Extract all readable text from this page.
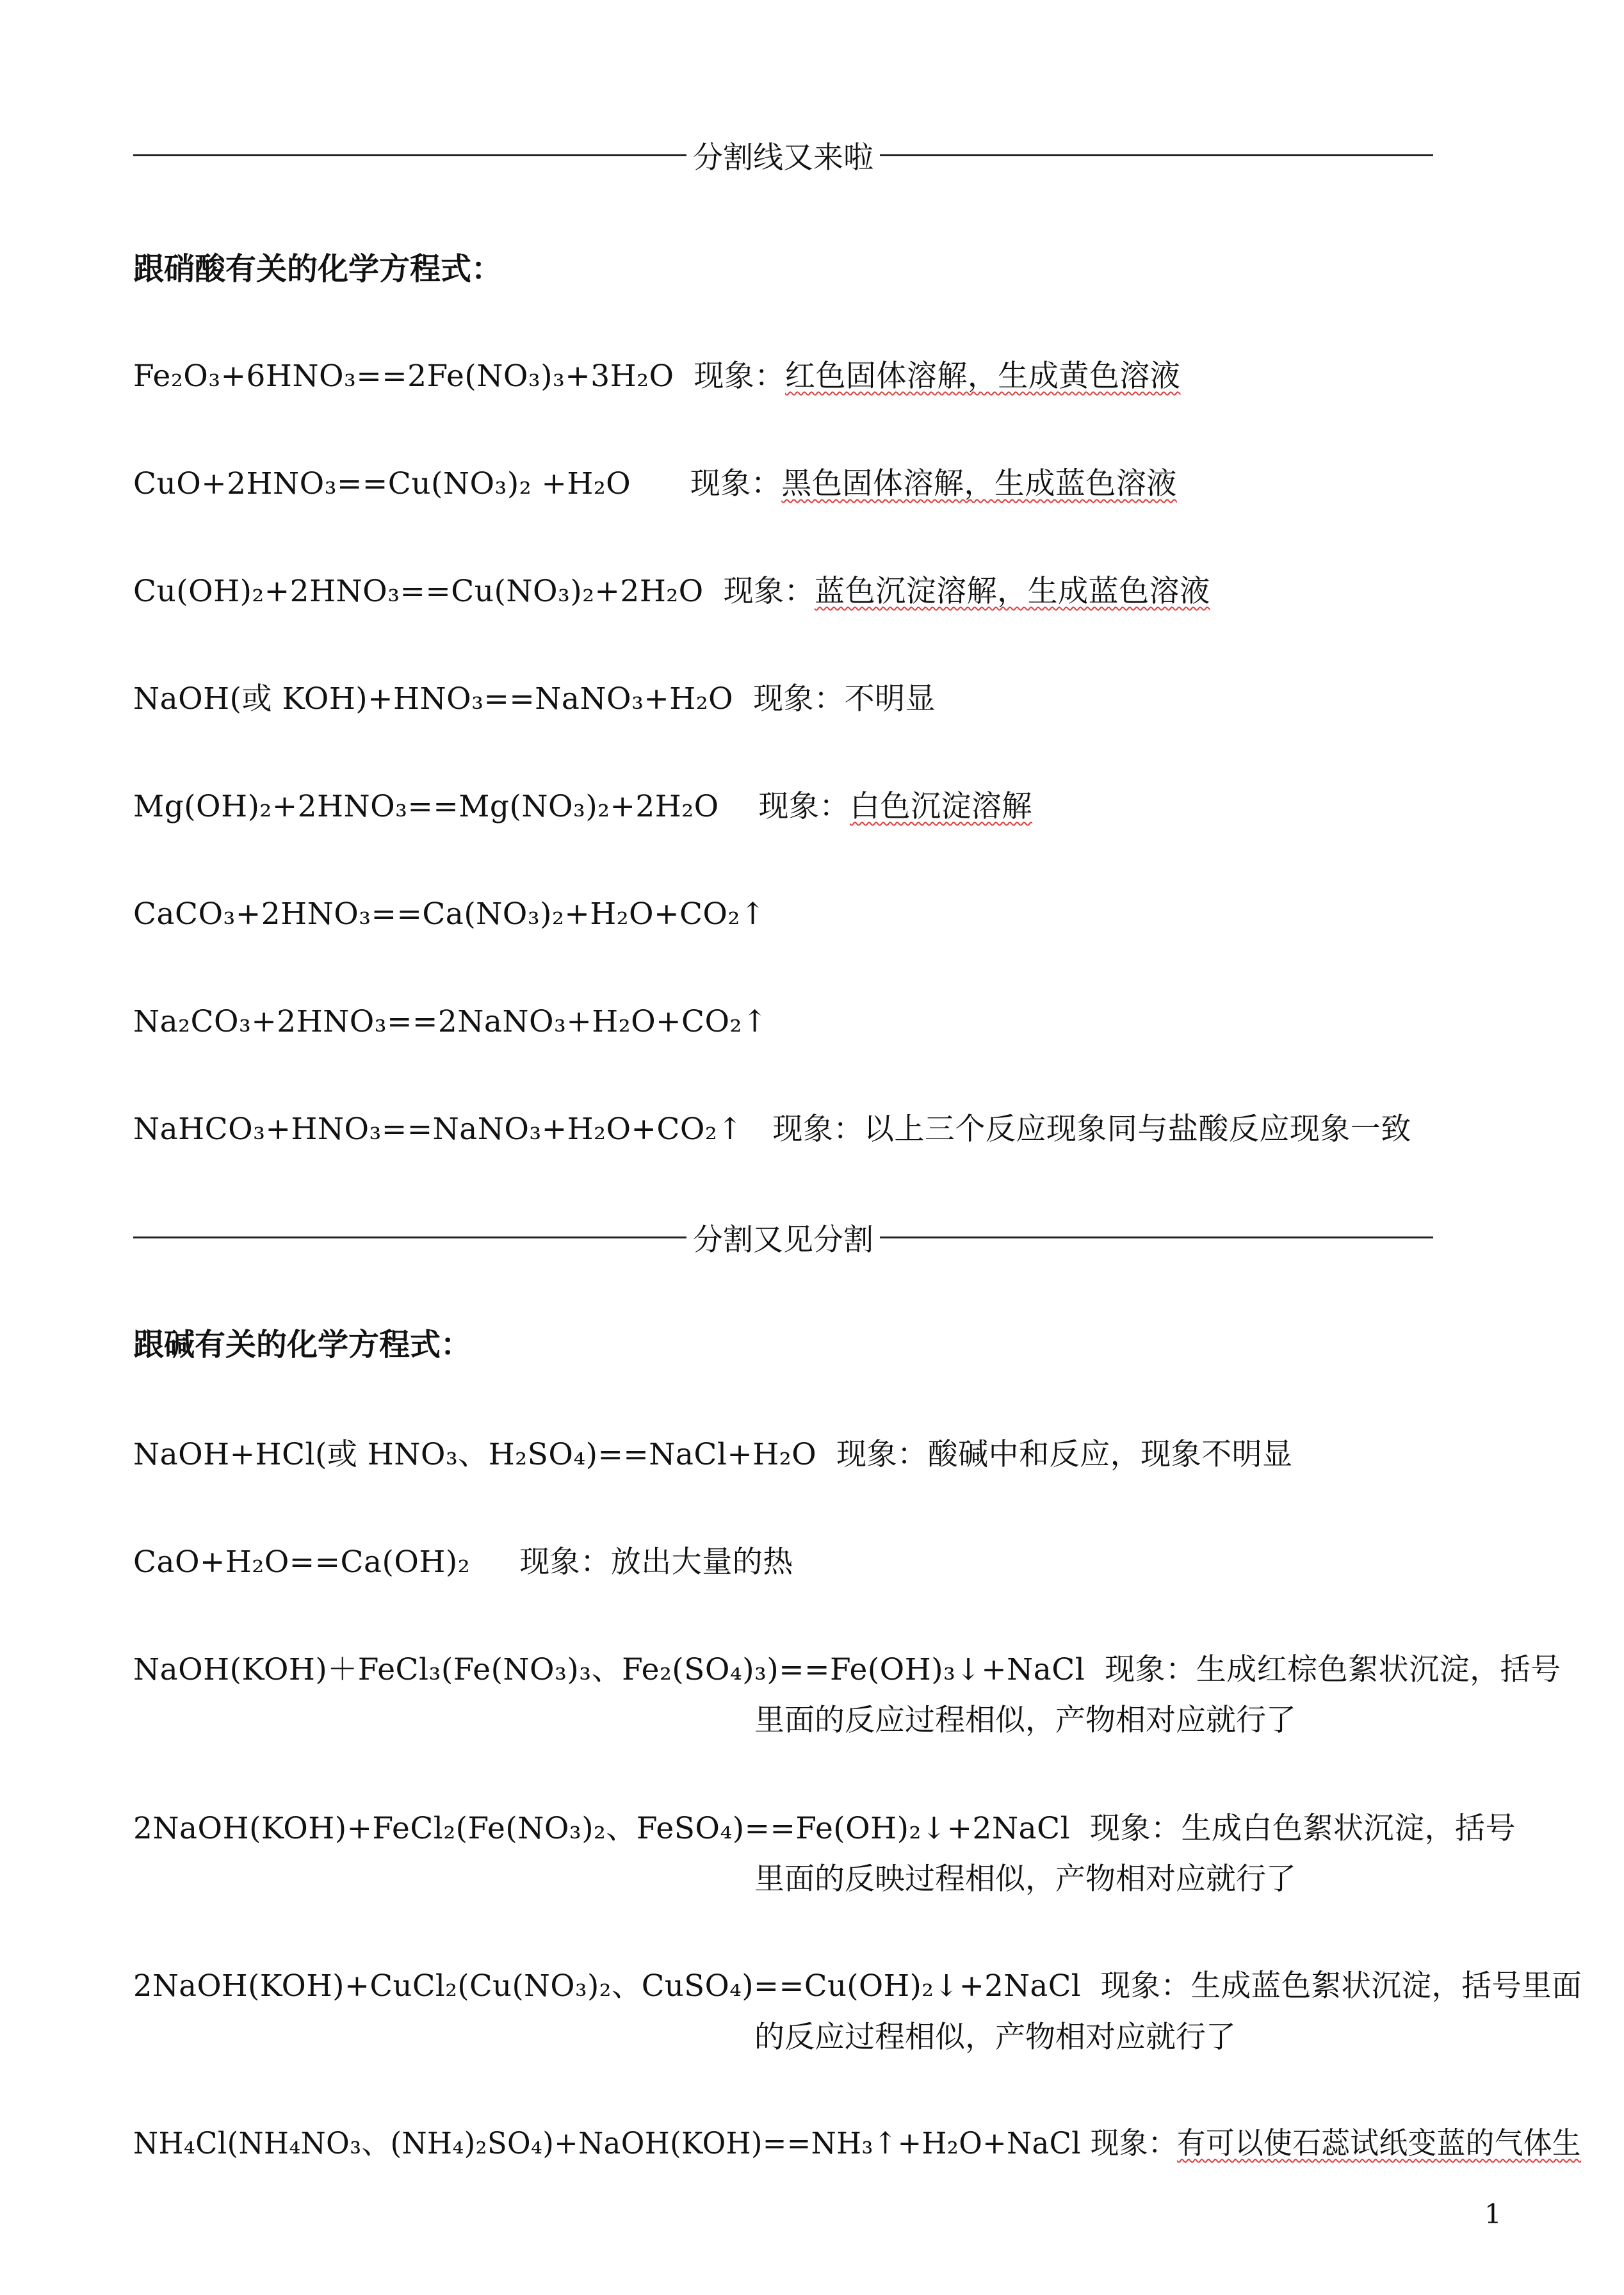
分割线又来啦
跟硝酸有关的化学方程式：
Fe₂O₃+6HNO₃==2Fe(NO₃)₃+3H₂O 现象：红色固体溶解，生成黄色溶液
CuO+2HNO₃==Cu(NO₃)₂ +H₂O 现象：黑色固体溶解，生成蓝色溶液
Cu(OH)₂+2HNO₃==Cu(NO₃)₂+2H₂O 现象：蓝色沉淀溶解，生成蓝色溶液
NaOH(或 KOH)+HNO₃==NaNO₃+H₂O 现象：不明显
Mg(OH)₂+2HNO₃==Mg(NO₃)₂+2H₂O 现象：白色沉淀溶解
CaCO₃+2HNO₃==Ca(NO₃)₂+H₂O+CO₂↑
Na₂CO₃+2HNO₃==2NaNO₃+H₂O+CO₂↑
NaHCO₃+HNO₃==NaNO₃+H₂O+CO₂↑ 现象：以上三个反应现象同与盐酸反应现象一致
分割又见分割
跟碱有关的化学方程式：
NaOH+HCl(或 HNO₃、H₂SO₄)==NaCl+H₂O 现象：酸碱中和反应，现象不明显
CaO+H₂O==Ca(OH)₂ 现象：放出大量的热
NaOH(KOH)＋FeCl₃(Fe(NO₃)₃、Fe₂(SO₄)₃)==Fe(OH)₃↓+NaCl 现象：生成红棕色絮状沉淀，括号
里面的反应过程相似，产物相对应就行了
2NaOH(KOH)+FeCl₂(Fe(NO₃)₂、FeSO₄)==Fe(OH)₂↓+2NaCl 现象：生成白色絮状沉淀，括号
里面的反映过程相似，产物相对应就行了
2NaOH(KOH)+CuCl₂(Cu(NO₃)₂、CuSO₄)==Cu(OH)₂↓+2NaCl 现象：生成蓝色絮状沉淀，括号里面
的反应过程相似，产物相对应就行了
NH₄Cl(NH₄NO₃、(NH₄)₂SO₄)+NaOH(KOH)==NH₃↑+H₂O+NaCl 现象：有可以使石蕊试纸变蓝的气体生
1
